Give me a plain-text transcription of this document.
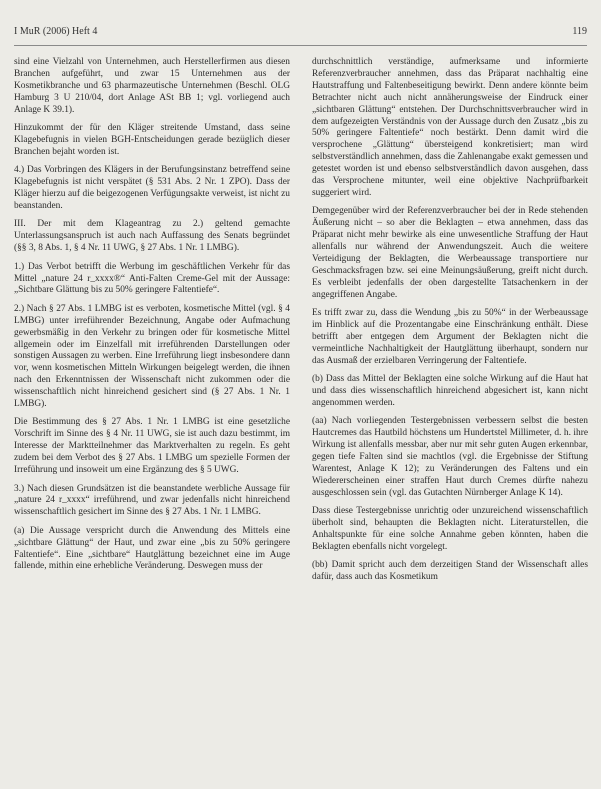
I MuR (2006) Heft 4	119

sind eine Vielzahl von Unternehmen, auch Herstellerfirmen aus diesen Branchen aufgeführt, und zwar 15 Unternehmen aus der Kosmetikbranche und 63 pharmazeutische Unternehmen (Beschl. OLG Hamburg 3 U 210/04, dort Anlage ASt BB 1; vgl. vorliegend auch Anlage K 39.1).

Hinzukommt der für den Kläger streitende Umstand, dass seine Klagebefugnis in vielen BGH-Entscheidungen gerade bezüglich dieser Branchen bejaht worden ist.

4.) Das Vorbringen des Klägers in der Berufungsinstanz betreffend seine Klagebefugnis ist nicht verspätet (§ 531 Abs. 2 Nr. 1 ZPO). Dass der Kläger hierzu auf die beigezogenen Verfügungsakte verweist, ist nicht zu beanstanden.

III. Der mit dem Klageantrag zu 2.) geltend gemachte Unterlassungsanspruch ist auch nach Auffassung des Senats begründet (§§ 3, 8 Abs. 1, § 4 Nr. 11 UWG, § 27 Abs. 1 Nr. 1 LMBG).

1.) Das Verbot betrifft die Werbung im geschäftlichen Verkehr für das Mittel „nature 24 r_xxxx®“ Anti-Falten Creme-Gel mit der Aussage: „Sichtbare Glättung bis zu 50% geringere Faltentiefe“.

2.) Nach § 27 Abs. 1 LMBG ist es verboten, kosmetische Mittel (vgl. § 4 LMBG) unter irreführender Bezeichnung, Angabe oder Aufmachung gewerbsmäßig in den Verkehr zu bringen oder für kosmetische Mittel allgemein oder im Einzelfall mit irreführenden Darstellungen oder sonstigen Aussagen zu werben. Eine Irreführung liegt insbesondere dann vor, wenn kosmetischen Mitteln Wirkungen beigelegt werden, die ihnen nach den Erkenntnissen der Wissenschaft nicht zukommen oder die wissenschaftlich nicht hinreichend gesichert sind (§ 27 Abs. 1 Nr. 1 LMBG).

Die Bestimmung des § 27 Abs. 1 Nr. 1 LMBG ist eine gesetzliche Vorschrift im Sinne des § 4 Nr. 11 UWG, sie ist auch dazu bestimmt, im Interesse der Marktteilnehmer das Marktverhalten zu regeln. Es geht zudem bei dem Verbot des § 27 Abs. 1 LMBG um spezielle Formen der Irreführung und insoweit um eine Ergänzung des § 5 UWG.

3.) Nach diesen Grundsätzen ist die beanstandete werbliche Aussage für „nature 24 r_xxxx“ irreführend, und zwar jedenfalls nicht hinreichend wissenschaftlich gesichert im Sinne des § 27 Abs. 1 Nr. 1 LMBG.

(a) Die Aussage verspricht durch die Anwendung des Mittels eine „sichtbare Glättung“ der Haut, und zwar eine „bis zu 50% geringere Faltentiefe“. Eine „sichtbare“ Hautglättung bezeichnet eine im Auge fallende, mithin eine erhebliche Veränderung. Deswegen muss der

durchschnittlich verständige, aufmerksame und informierte Referenzverbraucher annehmen, dass das Präparat nachhaltig eine Hautstraffung und Faltenbeseitigung bewirkt. Denn andere könnte beim Betrachter nicht auch nicht annäherungsweise der Eindruck einer „sichtbaren Glättung“ entstehen. Der Durchschnittsverbraucher wird in dem aufgezeigten Verständnis von der Aussage durch den Zusatz „bis zu 50% geringere Faltentiefe“ noch bestärkt. Denn damit wird die versprochene „Glättung“ übersteigend konkretisiert; man wird selbstverständlich annehmen, dass die Zahlenangabe exakt gemessen und getestet worden ist und ebenso selbstverständlich davon ausgehen, dass das Versprochene mitunter, weil eine objektive Nachprüfbarkeit suggeriert wird.

Demgegenüber wird der Referenzverbraucher bei der in Rede stehenden Äußerung nicht – so aber die Beklagten – etwa annehmen, dass das Präparat nicht mehr bewirke als eine unwesentliche Straffung der Haut allenfalls nur während der Anwendungszeit. Auch die weitere Verteidigung der Beklagten, die Werbeaussage transportiere nur Geschmacksfragen bzw. sei eine Meinungsäußerung, greift nicht durch. Es verbleibt jedenfalls der oben dargestellte Tatsachenkern in der angegriffenen Angabe.

Es trifft zwar zu, dass die Wendung „bis zu 50%“ in der Werbeaussage im Hinblick auf die Prozentangabe eine Einschränkung enthält. Diese betrifft aber entgegen dem Argument der Beklagten nicht die vermeintliche Nachhaltigkeit der Hautglättung überhaupt, sondern nur das Ausmaß der erzielbaren Verringerung der Faltentiefe.

(b) Dass das Mittel der Beklagten eine solche Wirkung auf die Haut hat und dass dies wissenschaftlich hinreichend abgesichert ist, kann nicht angenommen werden.

(aa) Nach vorliegenden Testergebnissen verbessern selbst die besten Hautcremes das Hautbild höchstens um Hundertstel Millimeter, d. h. ihre Wirkung ist allenfalls messbar, aber nur mit sehr guten Augen erkennbar, gegen tiefe Falten sind sie machtlos (vgl. die Ergebnisse der Stiftung Warentest, Anlage K 12); zu Veränderungen des Faltens und ein Wiedererscheinen einer straffen Haut durch Cremes dürfte nahezu ausgeschlossen sein (vgl. das Gutachten Nürnberger Anlage K 14).

Dass diese Testergebnisse unrichtig oder unzureichend wissenschaftlich überholt sind, behaupten die Beklagten nicht. Literaturstellen, die Anhaltspunkte für eine solche Annahme geben könnten, haben die Beklagten ebenfalls nicht vorgelegt.

(bb) Damit spricht auch dem derzeitigen Stand der Wissenschaft alles dafür, dass auch das Kosmetikum
